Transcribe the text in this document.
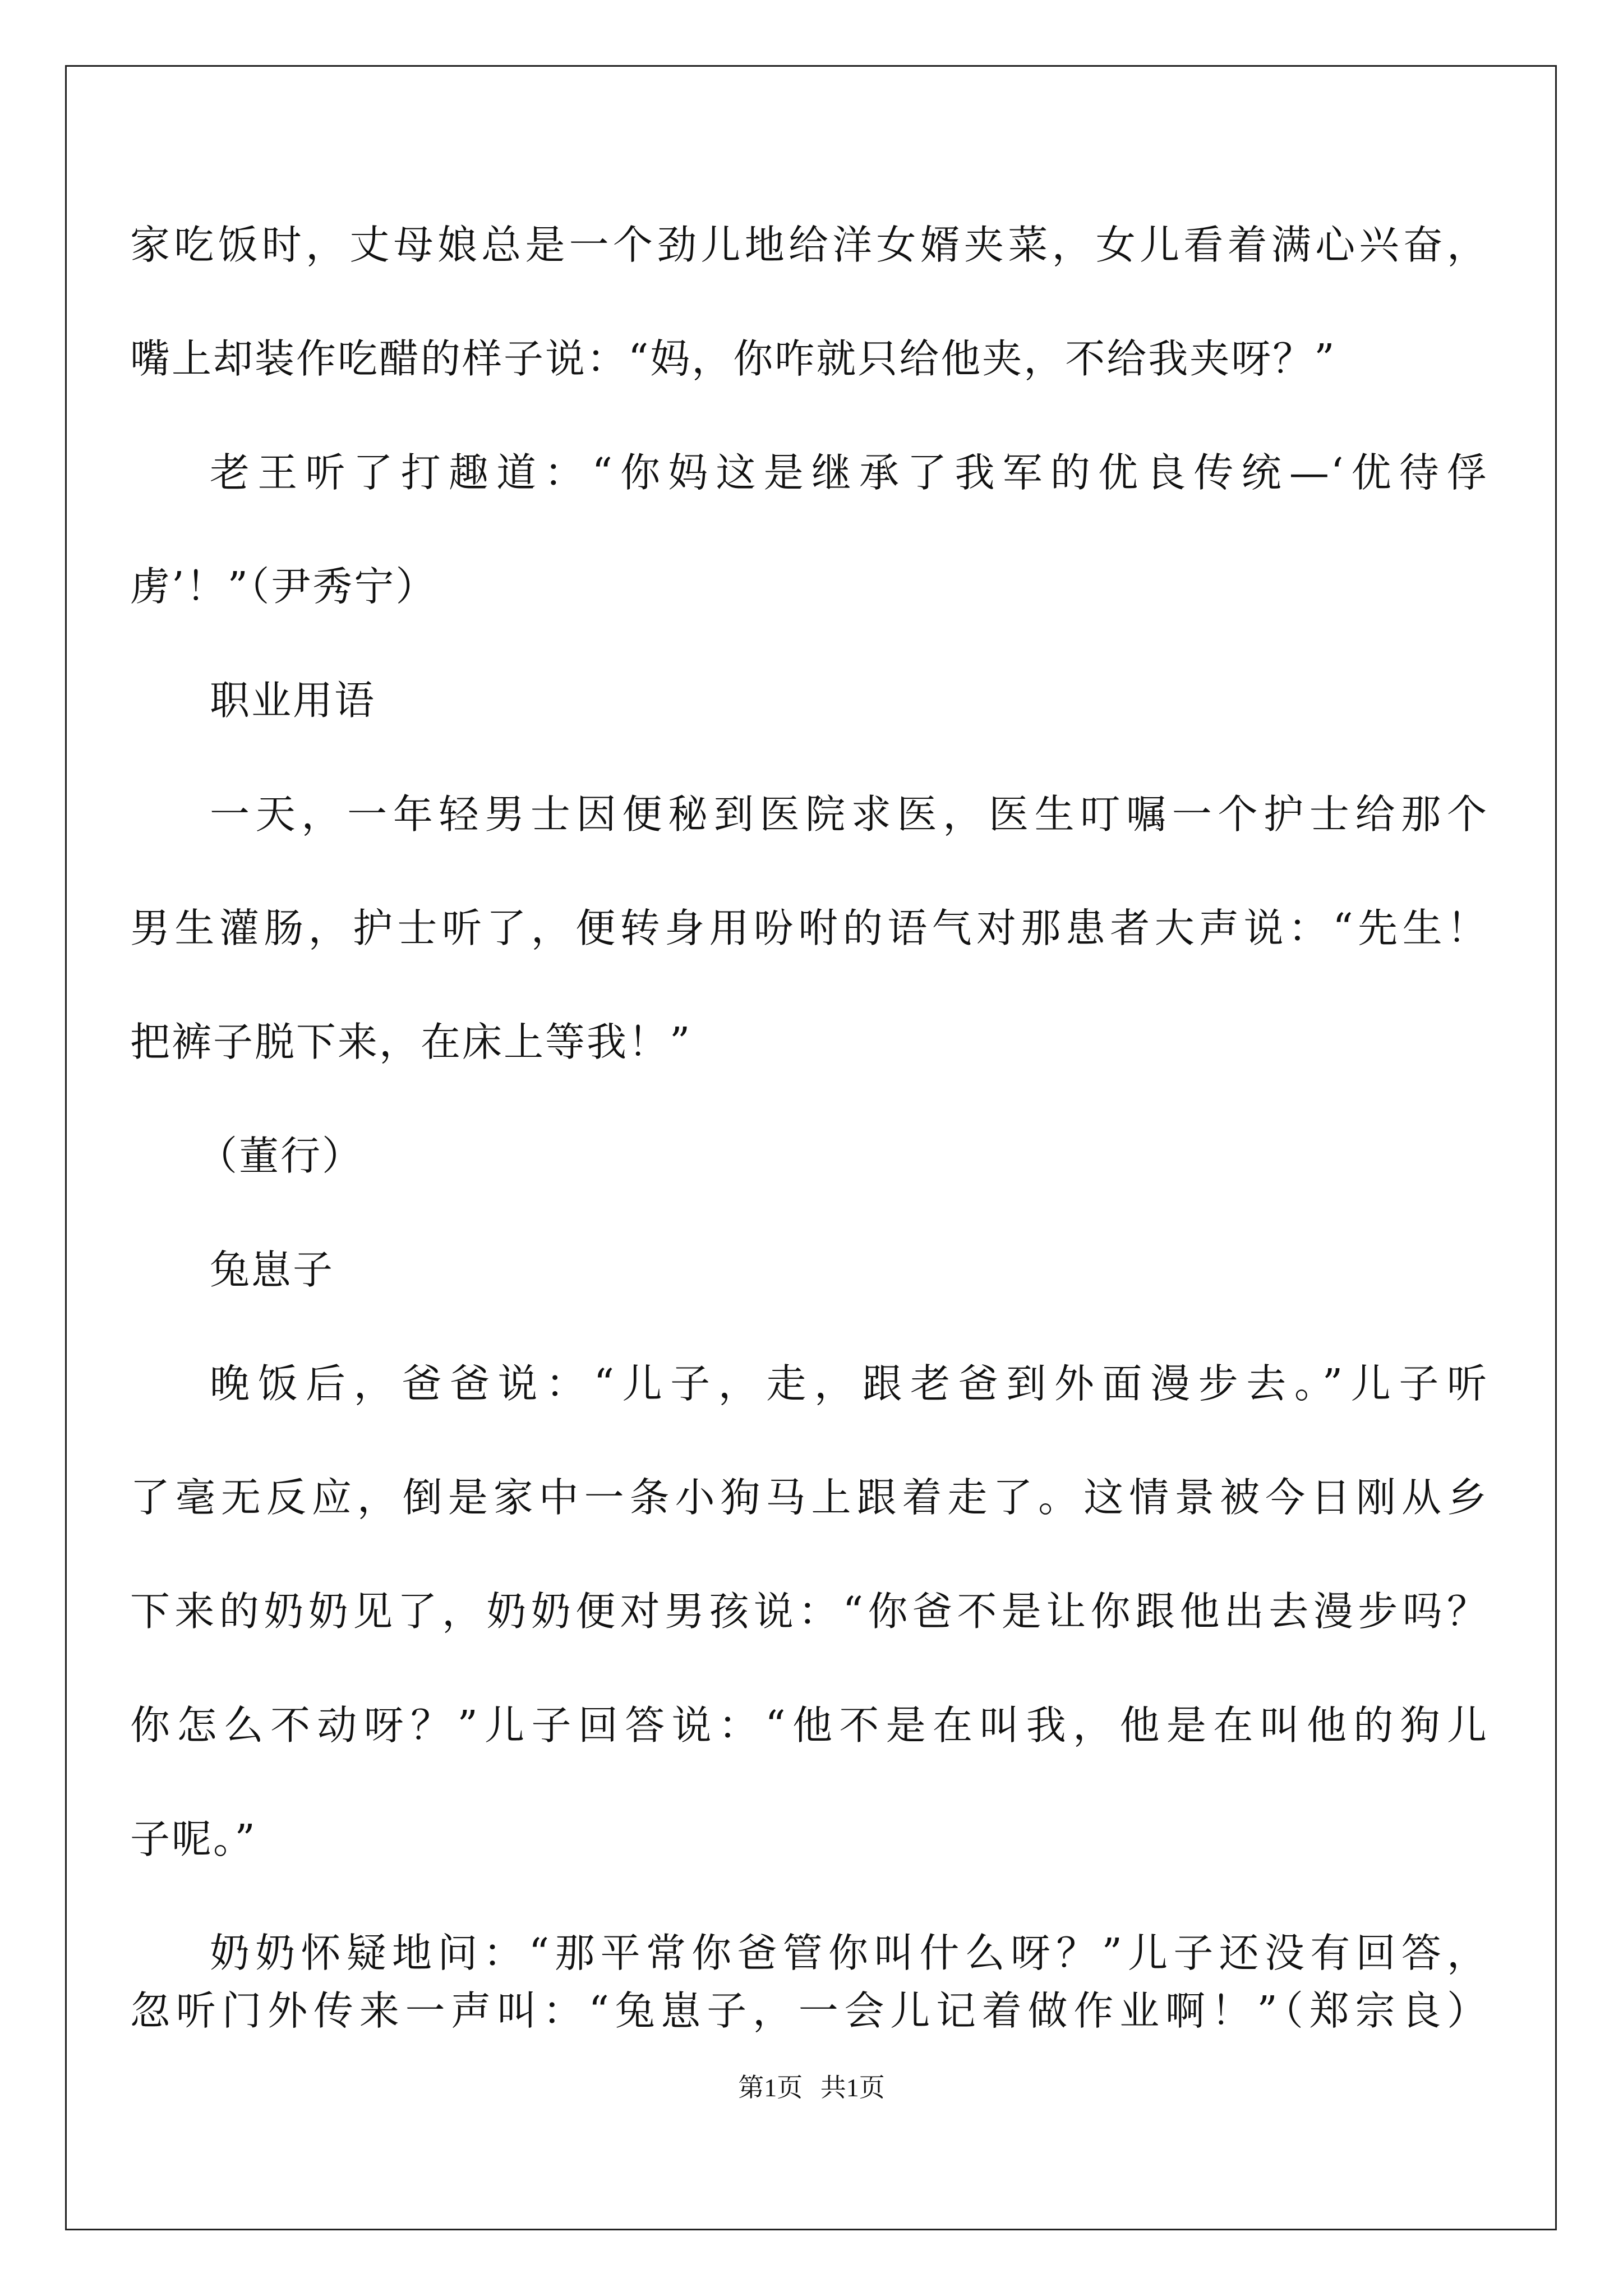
家吃饭时，丈母娘总是一个劲儿地给洋女婿夹菜，女儿看着满心兴奋，
嘴上却装作吃醋的样子说：“妈，你咋就只给他夹，不给我夹呀？”
老王听了打趣道：“你妈这是继承了我军的优良传统—‘优待俘
虏’！”（尹秀宁）
职业用语
一天，一年轻男士因便秘到医院求医，医生叮嘱一个护士给那个
男生灌肠，护士听了，便转身用吩咐的语气对那患者大声说：“先生！
把裤子脱下来，在床上等我！”
（董行）
兔崽子
晚饭后，爸爸说：“儿子，走，跟老爸到外面漫步去。”儿子听
了毫无反应，倒是家中一条小狗马上跟着走了。这情景被今日刚从乡
下来的奶奶见了，奶奶便对男孩说：“你爸不是让你跟他出去漫步吗？
你怎么不动呀？”儿子回答说：“他不是在叫我，他是在叫他的狗儿
子呢。”
奶奶怀疑地问：“那平常你爸管你叫什么呀？”儿子还没有回答，
忽听门外传来一声叫：“兔崽子，一会儿记着做作业啊！”（郑宗良）
第1页 共1页
